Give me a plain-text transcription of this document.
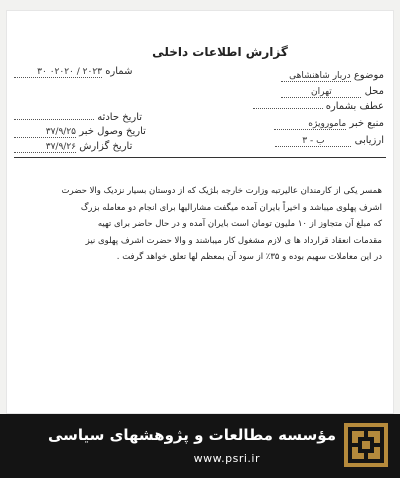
گزارش اطلاعات داخلی
موضوع دربار شاهنشاهی
محل تهران
عطف بشماره
منبع خبر مامورویژه
ارزیابی ب - ۳
شماره ۲۰۲۳ / ۰۲۰۲۰ ۳۰
تاریخ حادثه
تاریخ وصول خبر ۳۷/۹/۲۵
تاریخ گزارش ۳۷/۹/۲۶

همسر یکی از کارمندان عالیرتبه وزارت خارجه بلژیک که از دوستان بسیار نزدیک والا حضرت

اشرف پهلوی میباشد و اخیراً بایران آمده میگفت مشاراليها برای انجام دو معامله بزرگ

که مبلغ آن متجاوز از ۱۰ ملیون تومان است بایران آمده و در حال حاضر برای تهیه

مقدمات انعقاد قرارداد ها ی لازم مشغول کار میباشند و والا حضرت اشرف پهلوی نیز

در این معاملات سهیم بوده و ۳۵٪ از سود آن بمعظم لها تعلق خواهد گرفت .

مؤسسه مطالعات و پژوهشهای سیاسی
www.psri.ir
